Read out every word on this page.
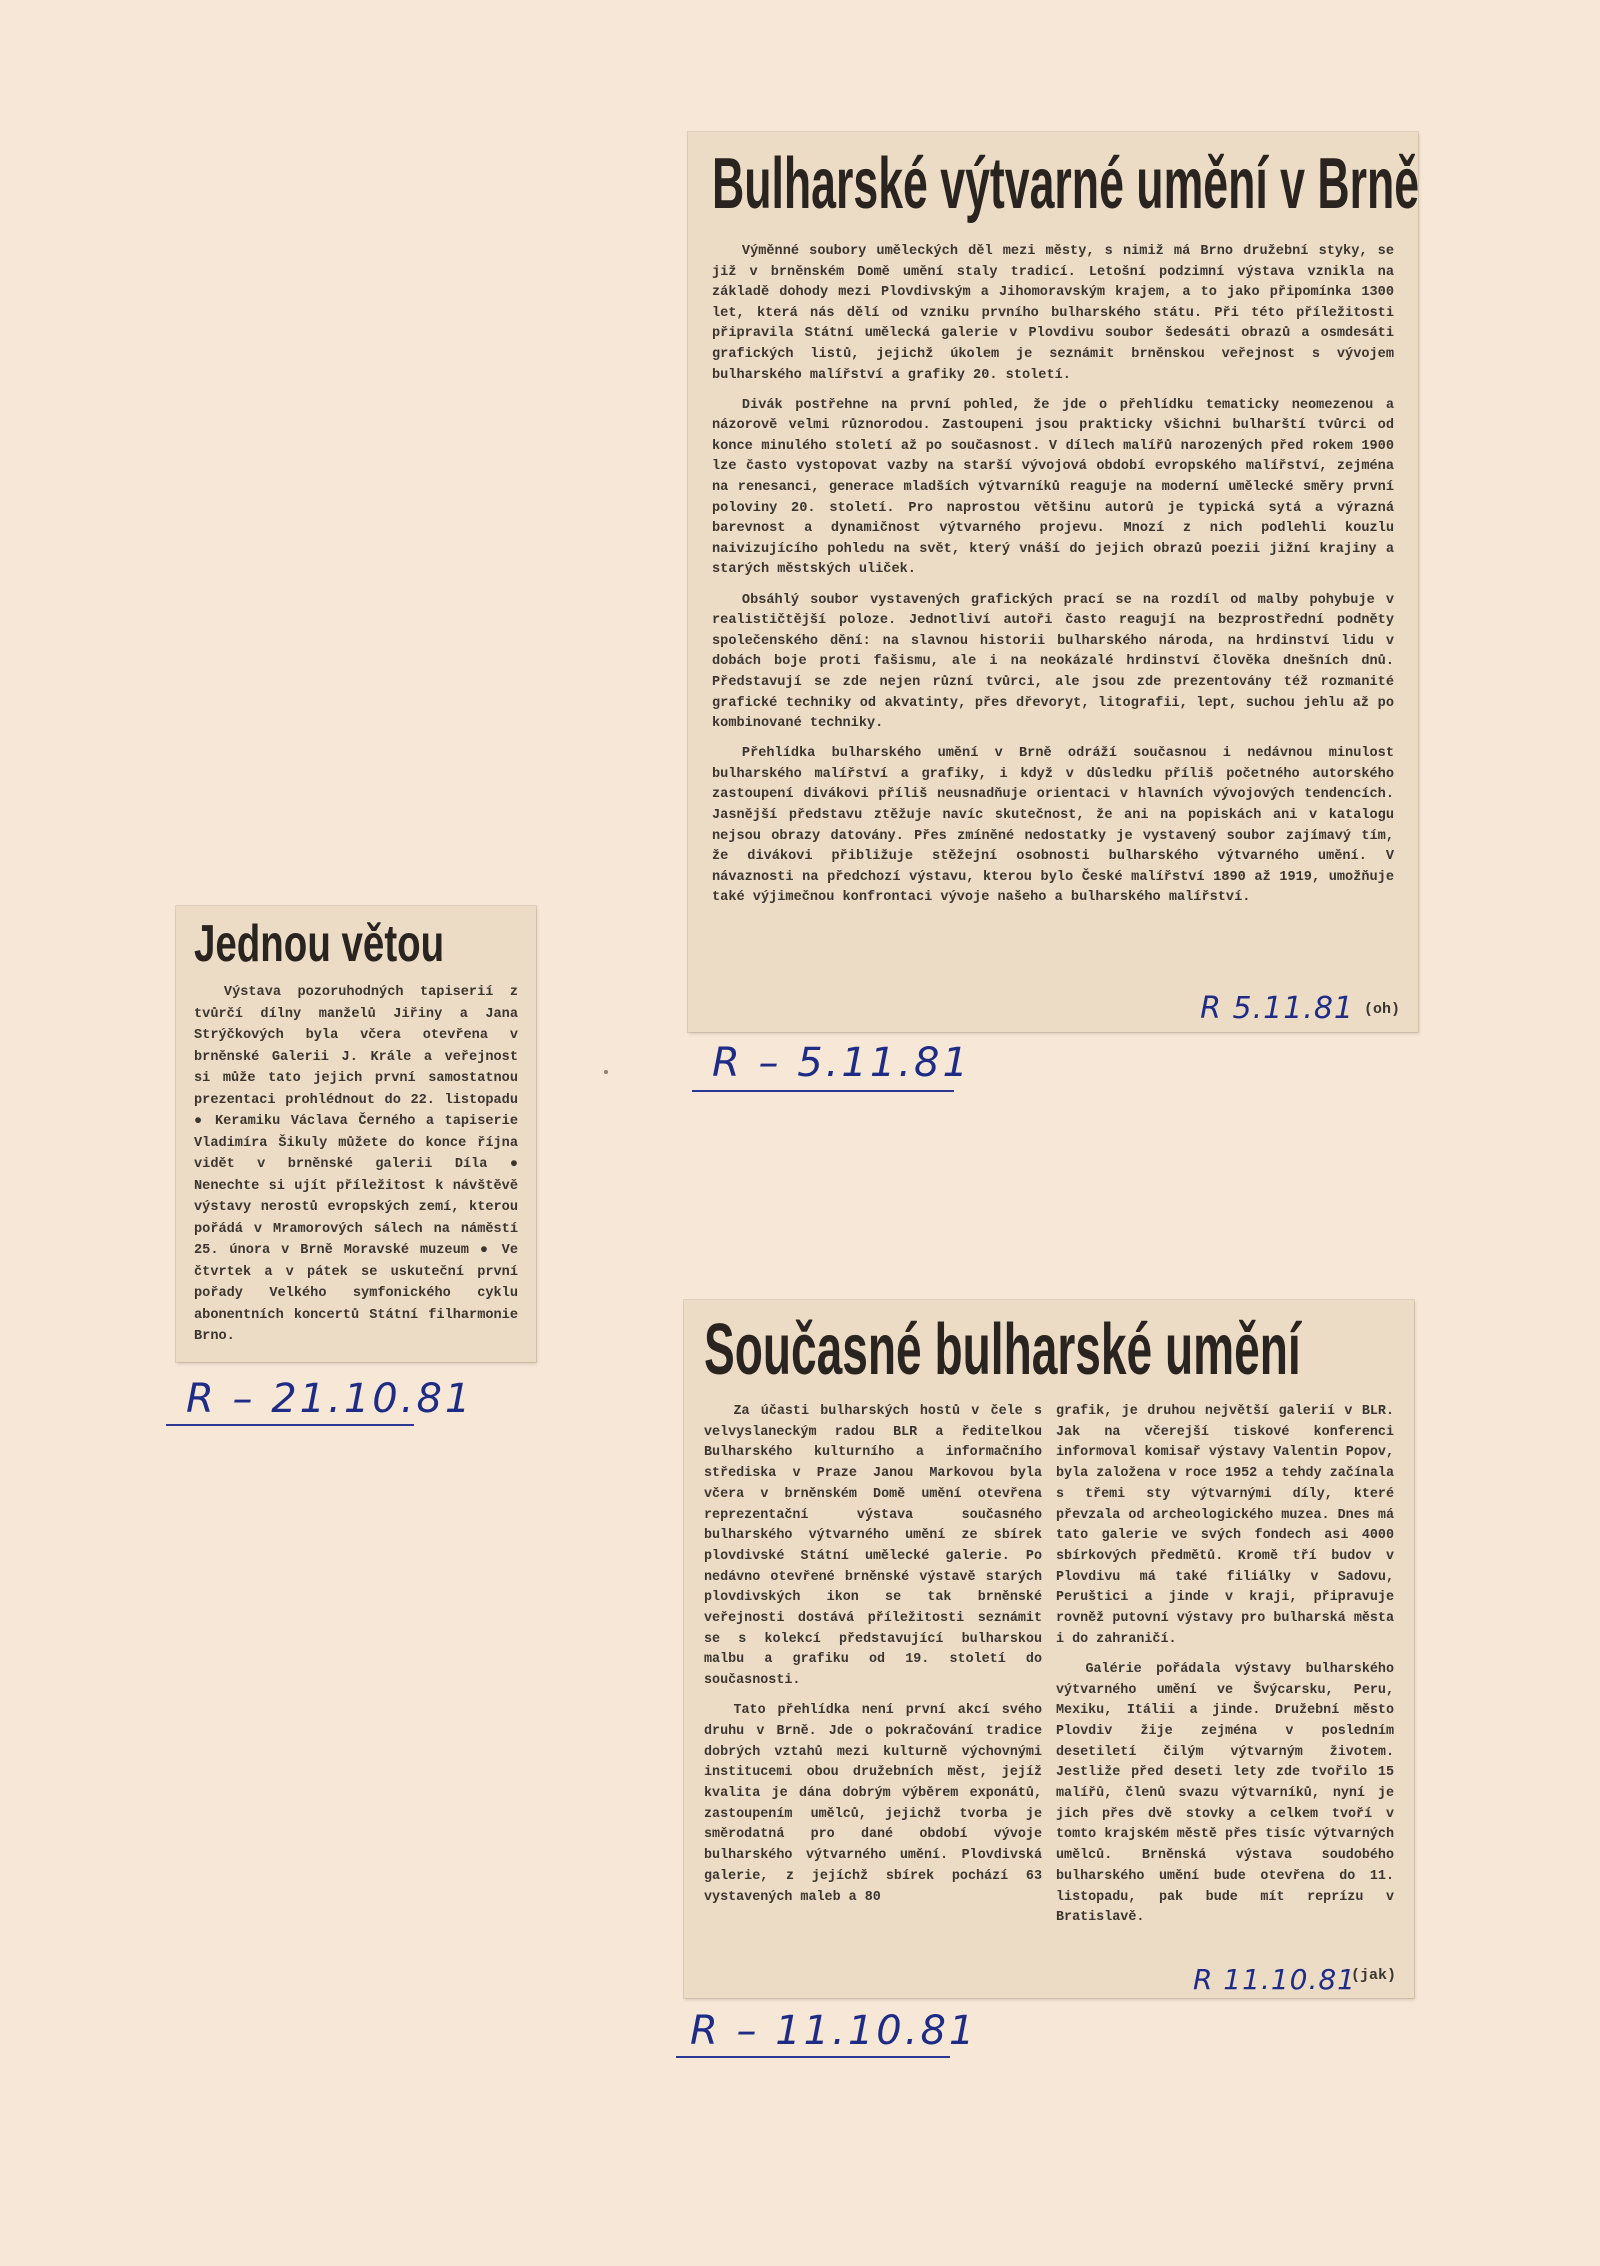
Bulharské výtvarné umění v Brně

Výměnné soubory uměleckých děl mezi městy, s nimiž má Brno družební styky, se již v brněnském Domě umění staly tradicí. Letošní podzimní výstava vznikla na základě dohody mezi Plovdivským a Jihomoravským krajem, a to jako připomínka 1300 let, která nás dělí od vzniku prvního bulharského státu. Při této příležitosti připravila Státní umělecká galerie v Plovdivu soubor šedesáti obrazů a osmdesáti grafických listů, jejichž úkolem je seznámit brněnskou veřejnost s vývojem bulharského malířství a grafiky 20. století.

Divák postřehne na první pohled, že jde o přehlídku tematicky neomezenou a názorově velmi různorodou. Zastoupeni jsou prakticky všichni bulharští tvůrci od konce minulého století až po současnost. V dílech malířů narozených před rokem 1900 lze často vystopovat vazby na starší vývojová období evropského malířství, zejména na renesanci, generace mladších výtvarníků reaguje na moderní umělecké směry první poloviny 20. století. Pro naprostou většinu autorů je typická sytá a výrazná barevnost a dynamičnost výtvarného projevu. Mnozí z nich podlehli kouzlu naivizujícího pohledu na svět, který vnáší do jejich obrazů poezii jižní krajiny a starých městských uliček.

Obsáhlý soubor vystavených grafických prací se na rozdíl od malby pohybuje v realističtější poloze. Jednotliví autoři často reagují na bezprostřední podněty společenského dění: na slavnou historii bulharského národa, na hrdinství lidu v dobách boje proti fašismu, ale i na neokázalé hrdinství člověka dnešních dnů. Představují se zde nejen různí tvůrci, ale jsou zde prezentovány též rozmanité grafické techniky od akvatinty, přes dřevoryt, litografii, lept, suchou jehlu až po kombinované techniky.

Přehlídka bulharského umění v Brně odráží současnou i nedávnou minulost bulharského malířství a grafiky, i když v důsledku příliš početného autorského zastoupení divákovi příliš neusnadňuje orientaci v hlavních vývojových tendencích. Jasnější představu ztěžuje navíc skutečnost, že ani na popiskách ani v katalogu nejsou obrazy datovány. Přes zmíněné nedostatky je vystavený soubor zajímavý tím, že divákovi přibližuje stěžejní osobnosti bulharského výtvarného umění. V návaznosti na předchozí výstavu, kterou bylo České malířství 1890 až 1919, umožňuje také výjimečnou konfrontaci vývoje našeho a bulharského malířství.

(oh)
R 5.11.81
R – 5.11.81
Jednou větou

Výstava pozoruhodných tapiserií z tvůrčí dílny manželů Jiřiny a Jana Strýčkových byla včera otevřena v brněnské Galerii J. Krále a veřejnost si může tato jejich první samostatnou prezentaci prohlédnout do 22. listopadu ● Keramiku Václava Černého a tapiserie Vladimíra Šikuly můžete do konce října vidět v brněnské galerii Díla ● Nenechte si ujít příležitost k návštěvě výstavy nerostů evropských zemí, kterou pořádá v Mramorových sálech na náměstí 25. února v Brně Moravské muzeum ● Ve čtvrtek a v pátek se uskuteční první pořady Velkého symfonického cyklu abonentních koncertů Státní filharmonie Brno.

R – 21.10.81
Současné bulharské umění

Za účasti bulharských hostů v čele s velvyslaneckým radou BLR a ředitelkou Bulharského kulturního a informačního střediska v Praze Janou Markovou byla včera v brněnském Domě umění otevřena reprezentační výstava současného bulharského výtvarného umění ze sbírek plovdivské Státní umělecké galerie. Po nedávno otevřené brněnské výstavě starých plovdivských ikon se tak brněnské veřejnosti dostává příležitosti seznámit se s kolekcí představující bulharskou malbu a grafiku od 19. století do současnosti.

Tato přehlídka není první akcí svého druhu v Brně. Jde o pokračování tradice dobrých vztahů mezi kulturně výchovnými institucemi obou družebních měst, jejíž kvalita je dána dobrým výběrem exponátů, zastoupením umělců, jejichž tvorba je směrodatná pro dané období vývoje bulharského výtvarného umění. Plovdivská galerie, z jejíchž sbírek pochází 63 vystavených maleb a 80

grafik, je druhou největší galerií v BLR. Jak na včerejší tiskové konferenci informoval komisař výstavy Valentin Popov, byla založena v roce 1952 a tehdy začínala s třemi sty výtvarnými díly, které převzala od archeologického muzea. Dnes má tato galerie ve svých fondech asi 4000 sbírkových předmětů. Kromě tří budov v Plovdivu má také filiálky v Sadovu, Peruštici a jinde v kraji, připravuje rovněž putovní výstavy pro bulharská města i do zahraničí.

Galérie pořádala výstavy bulharského výtvarného umění ve Švýcarsku, Peru, Mexiku, Itálii a jinde. Družební město Plovdiv žije zejména v posledním desetiletí čilým výtvarným životem. Jestliže před deseti lety zde tvořilo 15 malířů, členů svazu výtvarníků, nyní je jich přes dvě stovky a celkem tvoří v tomto krajském městě přes tisíc výtvarných umělců. Brněnská výstava soudobého bulharského umění bude otevřena do 11. listopadu, pak bude mít reprízu v Bratislavě.

(jak)
R 11.10.81
R – 11.10.81
